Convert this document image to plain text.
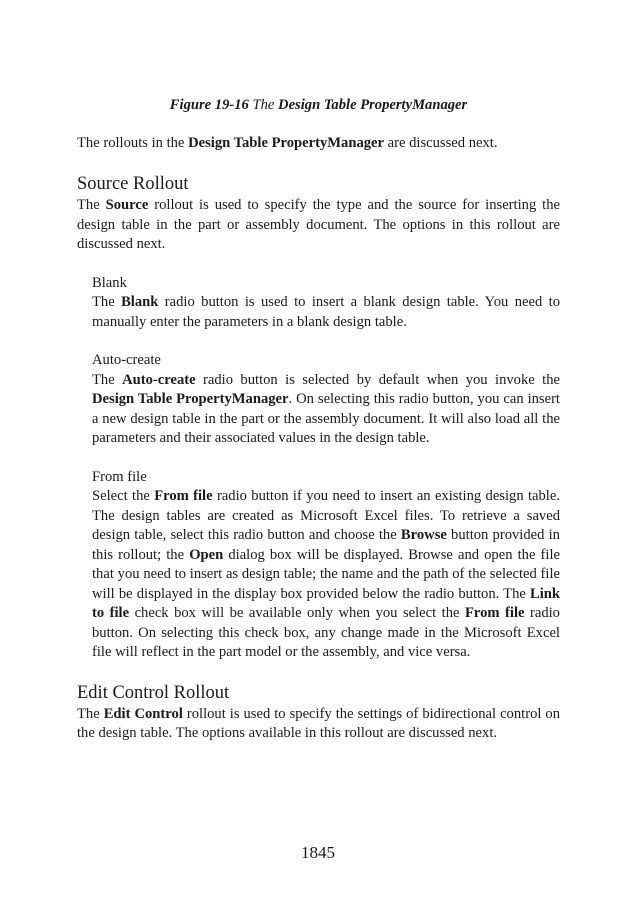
Figure 19-16 The Design Table PropertyManager

The rollouts in the Design Table PropertyManager are discussed next.

Source Rollout

The Source rollout is used to specify the type and the source for inserting the design table in the part or assembly document. The options in this rollout are discussed next.

Blank

The Blank radio button is used to insert a blank design table. You need to manually enter the parameters in a blank design table.

Auto-create

The Auto-create radio button is selected by default when you invoke the Design Table PropertyManager. On selecting this radio button, you can insert a new design table in the part or the assembly document. It will also load all the parameters and their associated values in the design table.

From file

Select the From file radio button if you need to insert an existing design table. The design tables are created as Microsoft Excel files. To retrieve a saved design table, select this radio button and choose the Browse button provided in this rollout; the Open dialog box will be displayed. Browse and open the file that you need to insert as design table; the name and the path of the selected file will be displayed in the display box provided below the radio button. The Link to file check box will be available only when you select the From file radio button. On selecting this check box, any change made in the Microsoft Excel file will reflect in the part model or the assembly, and vice versa.

Edit Control Rollout

The Edit Control rollout is used to specify the settings of bidirectional control on the design table. The options available in this rollout are discussed next.

1845
